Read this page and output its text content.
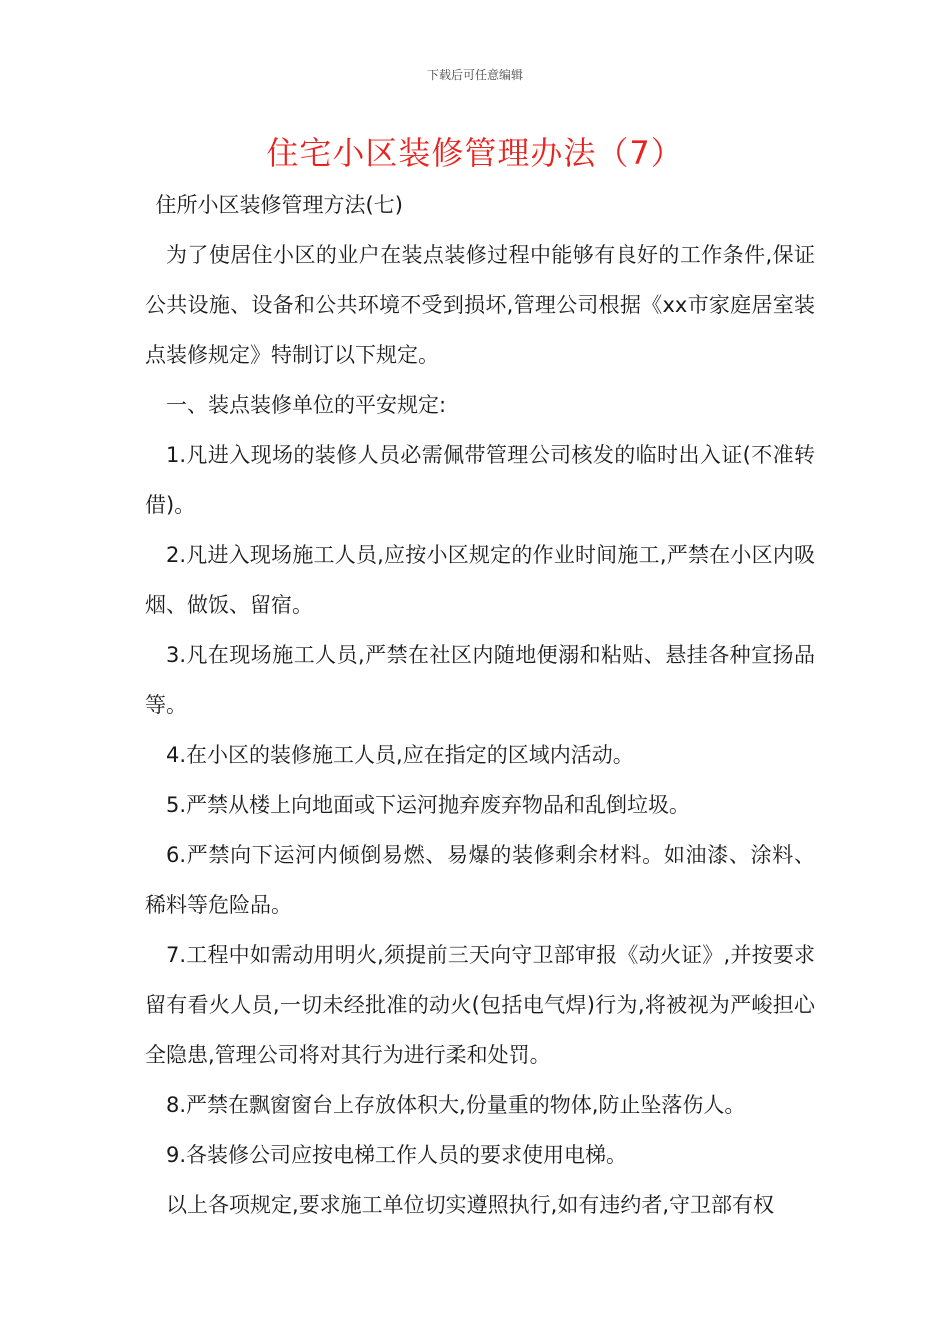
下载后可任意编辑
住宅小区装修管理办法（7）

住所小区装修管理方法(七)

为了使居住小区的业户在装点装修过程中能够有良好的工作条件,保证公共设施、设备和公共环境不受到损坏,管理公司根据《xx市家庭居室装点装修规定》特制订以下规定。

一、装点装修单位的平安规定:

1.凡进入现场的装修人员必需佩带管理公司核发的临时出入证(不准转借)。

2.凡进入现场施工人员,应按小区规定的作业时间施工,严禁在小区内吸烟、做饭、留宿。

3.凡在现场施工人员,严禁在社区内随地便溺和粘贴、悬挂各种宣扬品等。

4.在小区的装修施工人员,应在指定的区域内活动。

5.严禁从楼上向地面或下运河抛弃废弃物品和乱倒垃圾。

6.严禁向下运河内倾倒易燃、易爆的装修剩余材料。如油漆、涂料、稀料等危险品。

7.工程中如需动用明火,须提前三天向守卫部审报《动火证》,并按要求留有看火人员,一切未经批准的动火(包括电气焊)行为,将被视为严峻担心全隐患,管理公司将对其行为进行柔和处罚。

8.严禁在飘窗窗台上存放体积大,份量重的物体,防止坠落伤人。

9.各装修公司应按电梯工作人员的要求使用电梯。

以上各项规定,要求施工单位切实遵照执行,如有违约者,守卫部有权
